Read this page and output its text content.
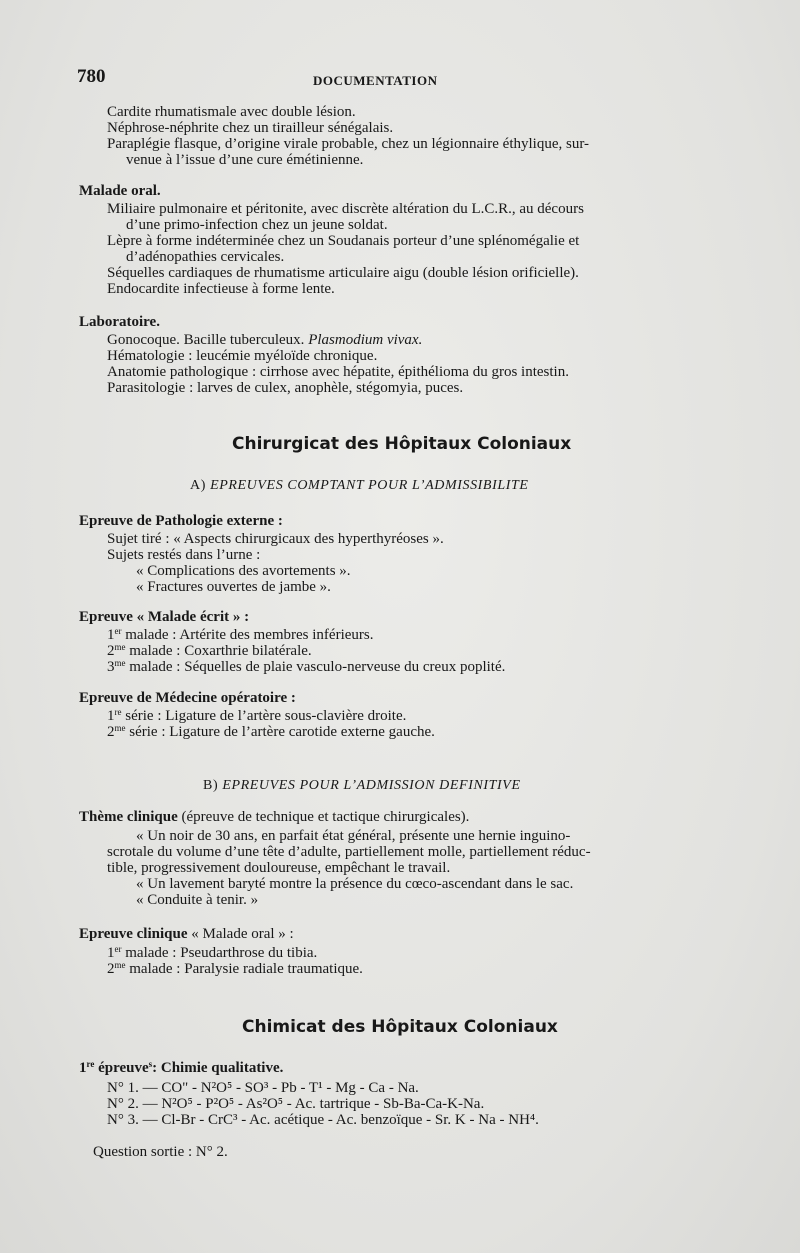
780	DOCUMENTATION
Cardite rhumatismale avec double lésion.
Néphrose-néphrite chez un tirailleur sénégalais.
Paraplégie flasque, d’origine virale probable, chez un légionnaire éthylique, sur-
venue à l’issue d’une cure émétinienne.
Malade oral.
Miliaire pulmonaire et péritonite, avec discrète altération du L.C.R., au décours
d’une primo-infection chez un jeune soldat.
Lèpre à forme indéterminée chez un Soudanais porteur d’une splénomégalie et
d’adénopathies cervicales.
Séquelles cardiaques de rhumatisme articulaire aigu (double lésion orificielle).
Endocardite infectieuse à forme lente.
Laboratoire.
Gonocoque. Bacille tuberculeux. Plasmodium vivax.
Hématologie : leucémie myéloïde chronique.
Anatomie pathologique : cirrhose avec hépatite, épithélioma du gros intestin.
Parasitologie : larves de culex, anophèle, stégomyia, puces.
Chirurgicat des Hôpitaux Coloniaux
A) EPREUVES COMPTANT POUR L’ADMISSIBILITE
Epreuve de Pathologie externe :
Sujet tiré : « Aspects chirurgicaux des hyperthyréoses ».
Sujets restés dans l’urne :
« Complications des avortements ».
« Fractures ouvertes de jambe ».
Epreuve « Malade écrit » :
1er malade : Artérite des membres inférieurs.
$2^{me}$ malade : Coxarthrie bilatérale.
$3^{me}$ malade : Séquelles de plaie vasculo-nerveuse du creux poplité.
Epreuve de Médecine opératoire :
1re série : Ligature de l’artère sous-clavière droite.
$2^{me}$ série : Ligature de l’artère carotide externe gauche.
B) EPREUVES POUR L’ADMISSION DEFINITIVE
Thème clinique (épreuve de technique et tactique chirurgicales).
« Un noir de 30 ans, en parfait état général, présente une hernie inguino-
scrotale du volume d’une tête d’adulte, partiellement molle, partiellement réduc-
tible, progressivement douloureuse, empêchant le travail.
« Un lavement baryté montre la présence du cœco-ascendant dans le sac.
« Conduite à tenir. »
Epreuve clinique « Malade oral » :
1er malade : Pseudarthrose du tibia.
$2^{me}$ malade : Paralysie radiale traumatique.
Chimicat des Hôpitaux Coloniaux
1re épreuve$^s$: Chimie qualitative.
N° 1. — CO" - N²O⁵ - SO³ - Pb - T¹ - Mg - Ca - Na.
N° 2. — N²O⁵ - P²O⁵ - As²O⁵ - Ac. tartrique - Sb-Ba-Ca-K-Na.
N° 3. — Cl-Br - CrC³ - Ac. acétique - Ac. benzoïque - Sr. K - Na - NH⁴.
Question sortie : N° 2.
